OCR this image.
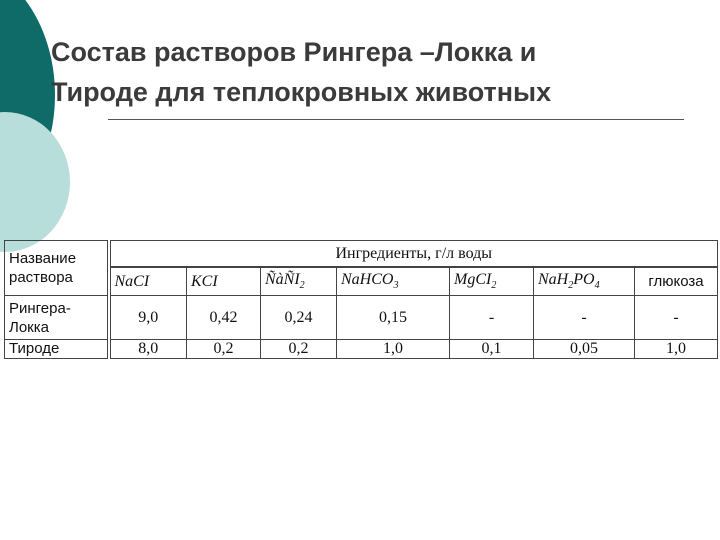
Состав растворов Рингера –Локка и
Тироде для теплокровных животных
Название раствора	Ингредиенты, г/л воды						
	NaCI	KCI	ÑàÑI$_2$	NaHCO$_3$	MgCI$_2$	$NaH_2PO_4$	глюкоза
Рингера-Локка	9,0	0,42	0,24	0,15	-	-	-
Тироде	8,0	0,2	0,2	1,0	0,1	0,05	1,0
